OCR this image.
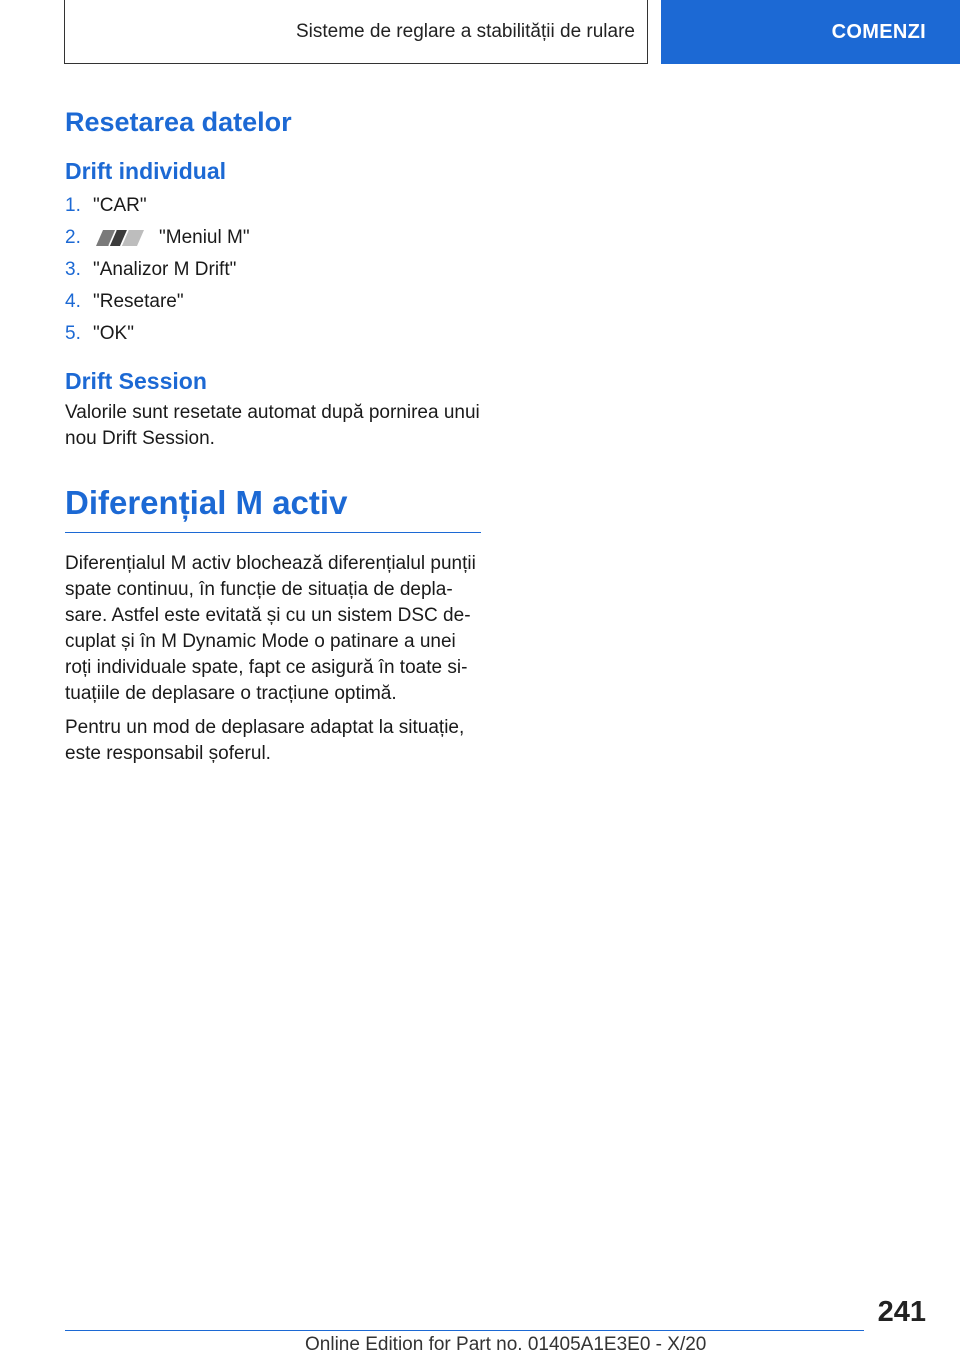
Sisteme de reglare a stabilității de rulare	COMENZI
Resetarea datelor
Drift individual
1. "CAR"
2.	"Meniul M"
3. "Analizor M Drift"
4. "Resetare"
5. "OK"
Drift Session

Valorile sunt resetate automat după pornirea unui nou Drift Session.

Diferențial M activ

Diferențialul M activ blochează diferențialul punții spate continuu, în funcție de situația de deplasare. Astfel este evitată și cu un sistem DSC decuplat și în M Dynamic Mode o patinare a unei roți individuale spate, fapt ce asigură în toate situațiile de deplasare o tracțiune optimă.

Pentru un mod de deplasare adaptat la situație, este responsabil șoferul.

241
Online Edition for Part no. 01405A1E3E0 - X/20
